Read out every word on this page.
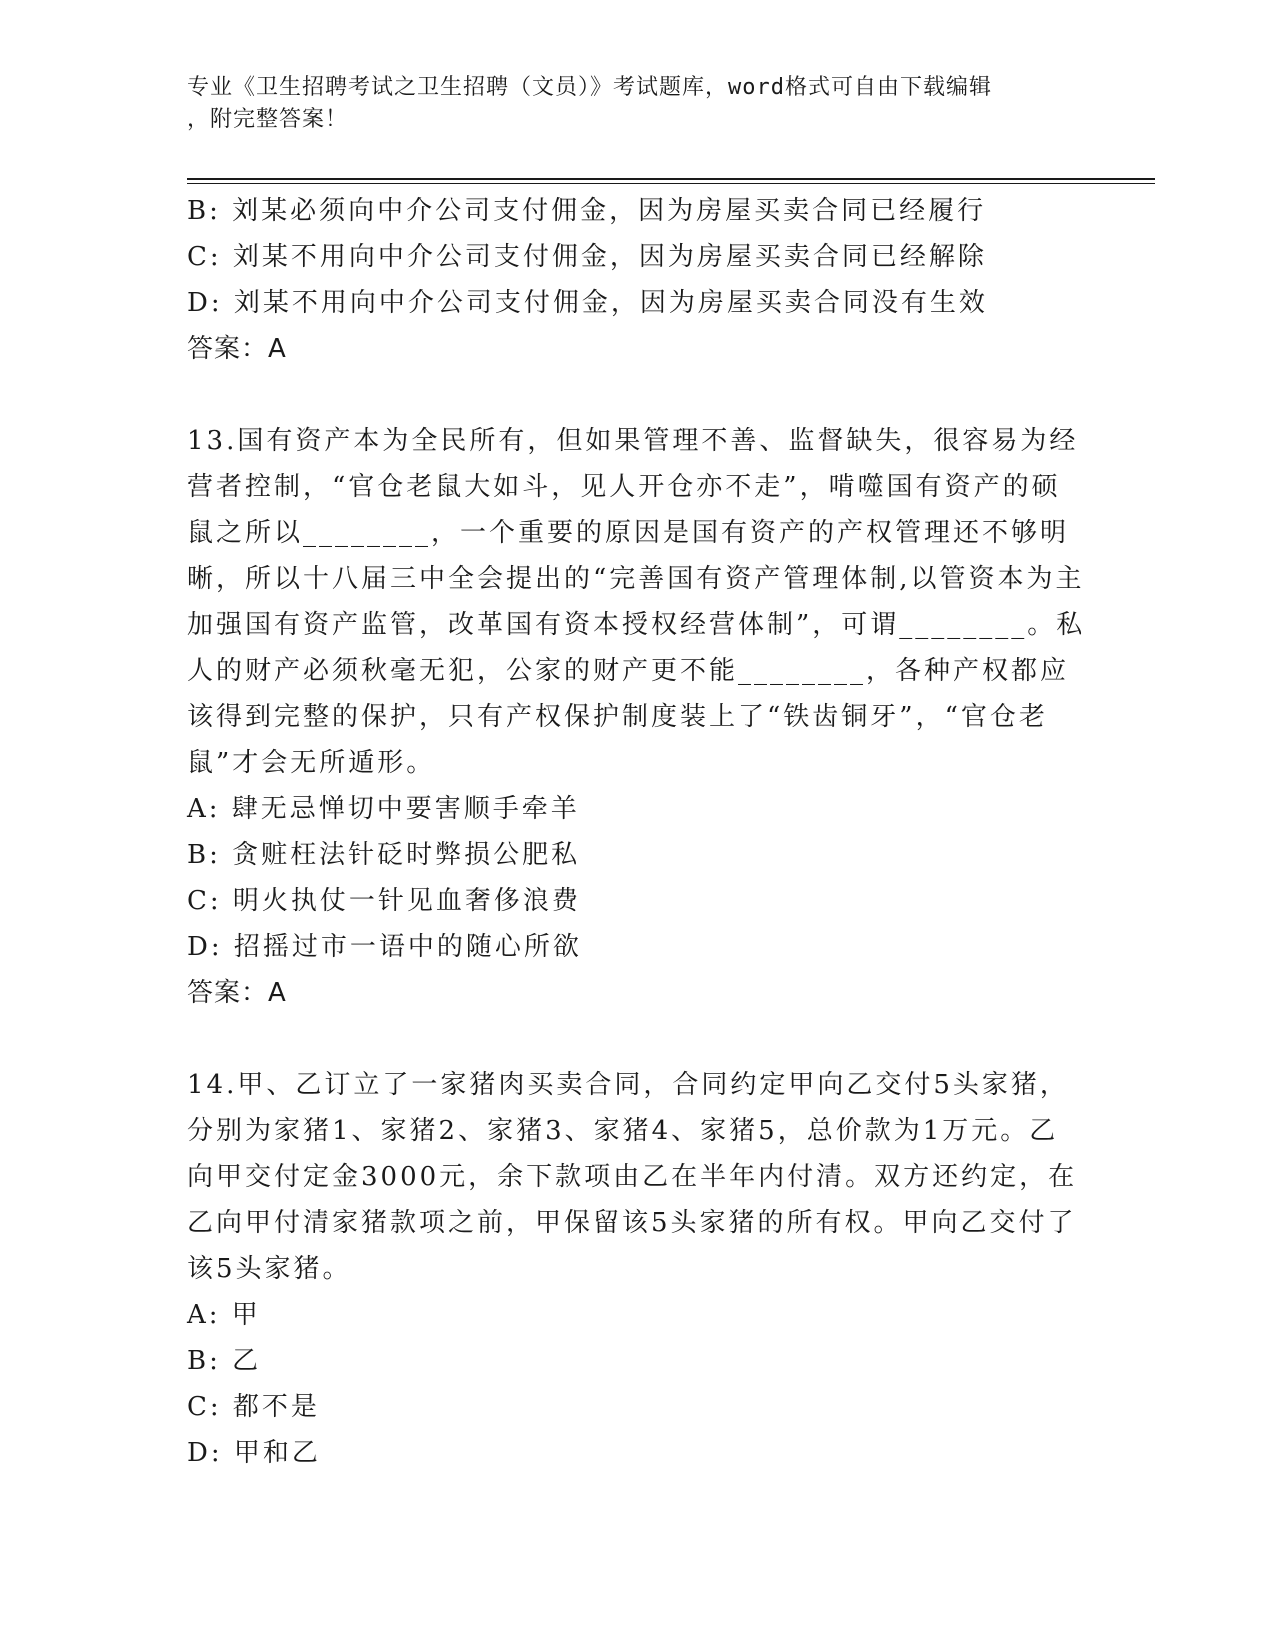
专业《卫生招聘考试之卫生招聘（文员）》考试题库，word格式可自由下载编辑
，附完整答案！

B: 刘某必须向中介公司支付佣金，因为房屋买卖合同已经履行

C: 刘某不用向中介公司支付佣金，因为房屋买卖合同已经解除

D: 刘某不用向中介公司支付佣金，因为房屋买卖合同没有生效

答案：A

13.国有资产本为全民所有，但如果管理不善、监督缺失，很容易为经营者控制，“官仓老鼠大如斗，见人开仓亦不走”，啃噬国有资产的硕鼠之所以________，一个重要的原因是国有资产的产权管理还不够明晰，所以十八届三中全会提出的“完善国有资产管理体制,以管资本为主加强国有资产监管，改革国有资本授权经营体制”，可谓________。私人的财产必须秋毫无犯，公家的财产更不能________，各种产权都应该得到完整的保护，只有产权保护制度装上了“铁齿铜牙”，“官仓老鼠”才会无所遁形。

A: 肆无忌惮切中要害顺手牵羊

B: 贪赃枉法针砭时弊损公肥私

C: 明火执仗一针见血奢侈浪费

D: 招摇过市一语中的随心所欲

答案：A

14.甲、乙订立了一家猪肉买卖合同，合同约定甲向乙交付5头家猪，分别为家猪1、家猪2、家猪3、家猪4、家猪5，总价款为1万元。乙向甲交付定金3000元，余下款项由乙在半年内付清。双方还约定，在乙向甲付清家猪款项之前，甲保留该5头家猪的所有权。甲向乙交付了该5头家猪。

A: 甲

B: 乙

C: 都不是

D: 甲和乙
